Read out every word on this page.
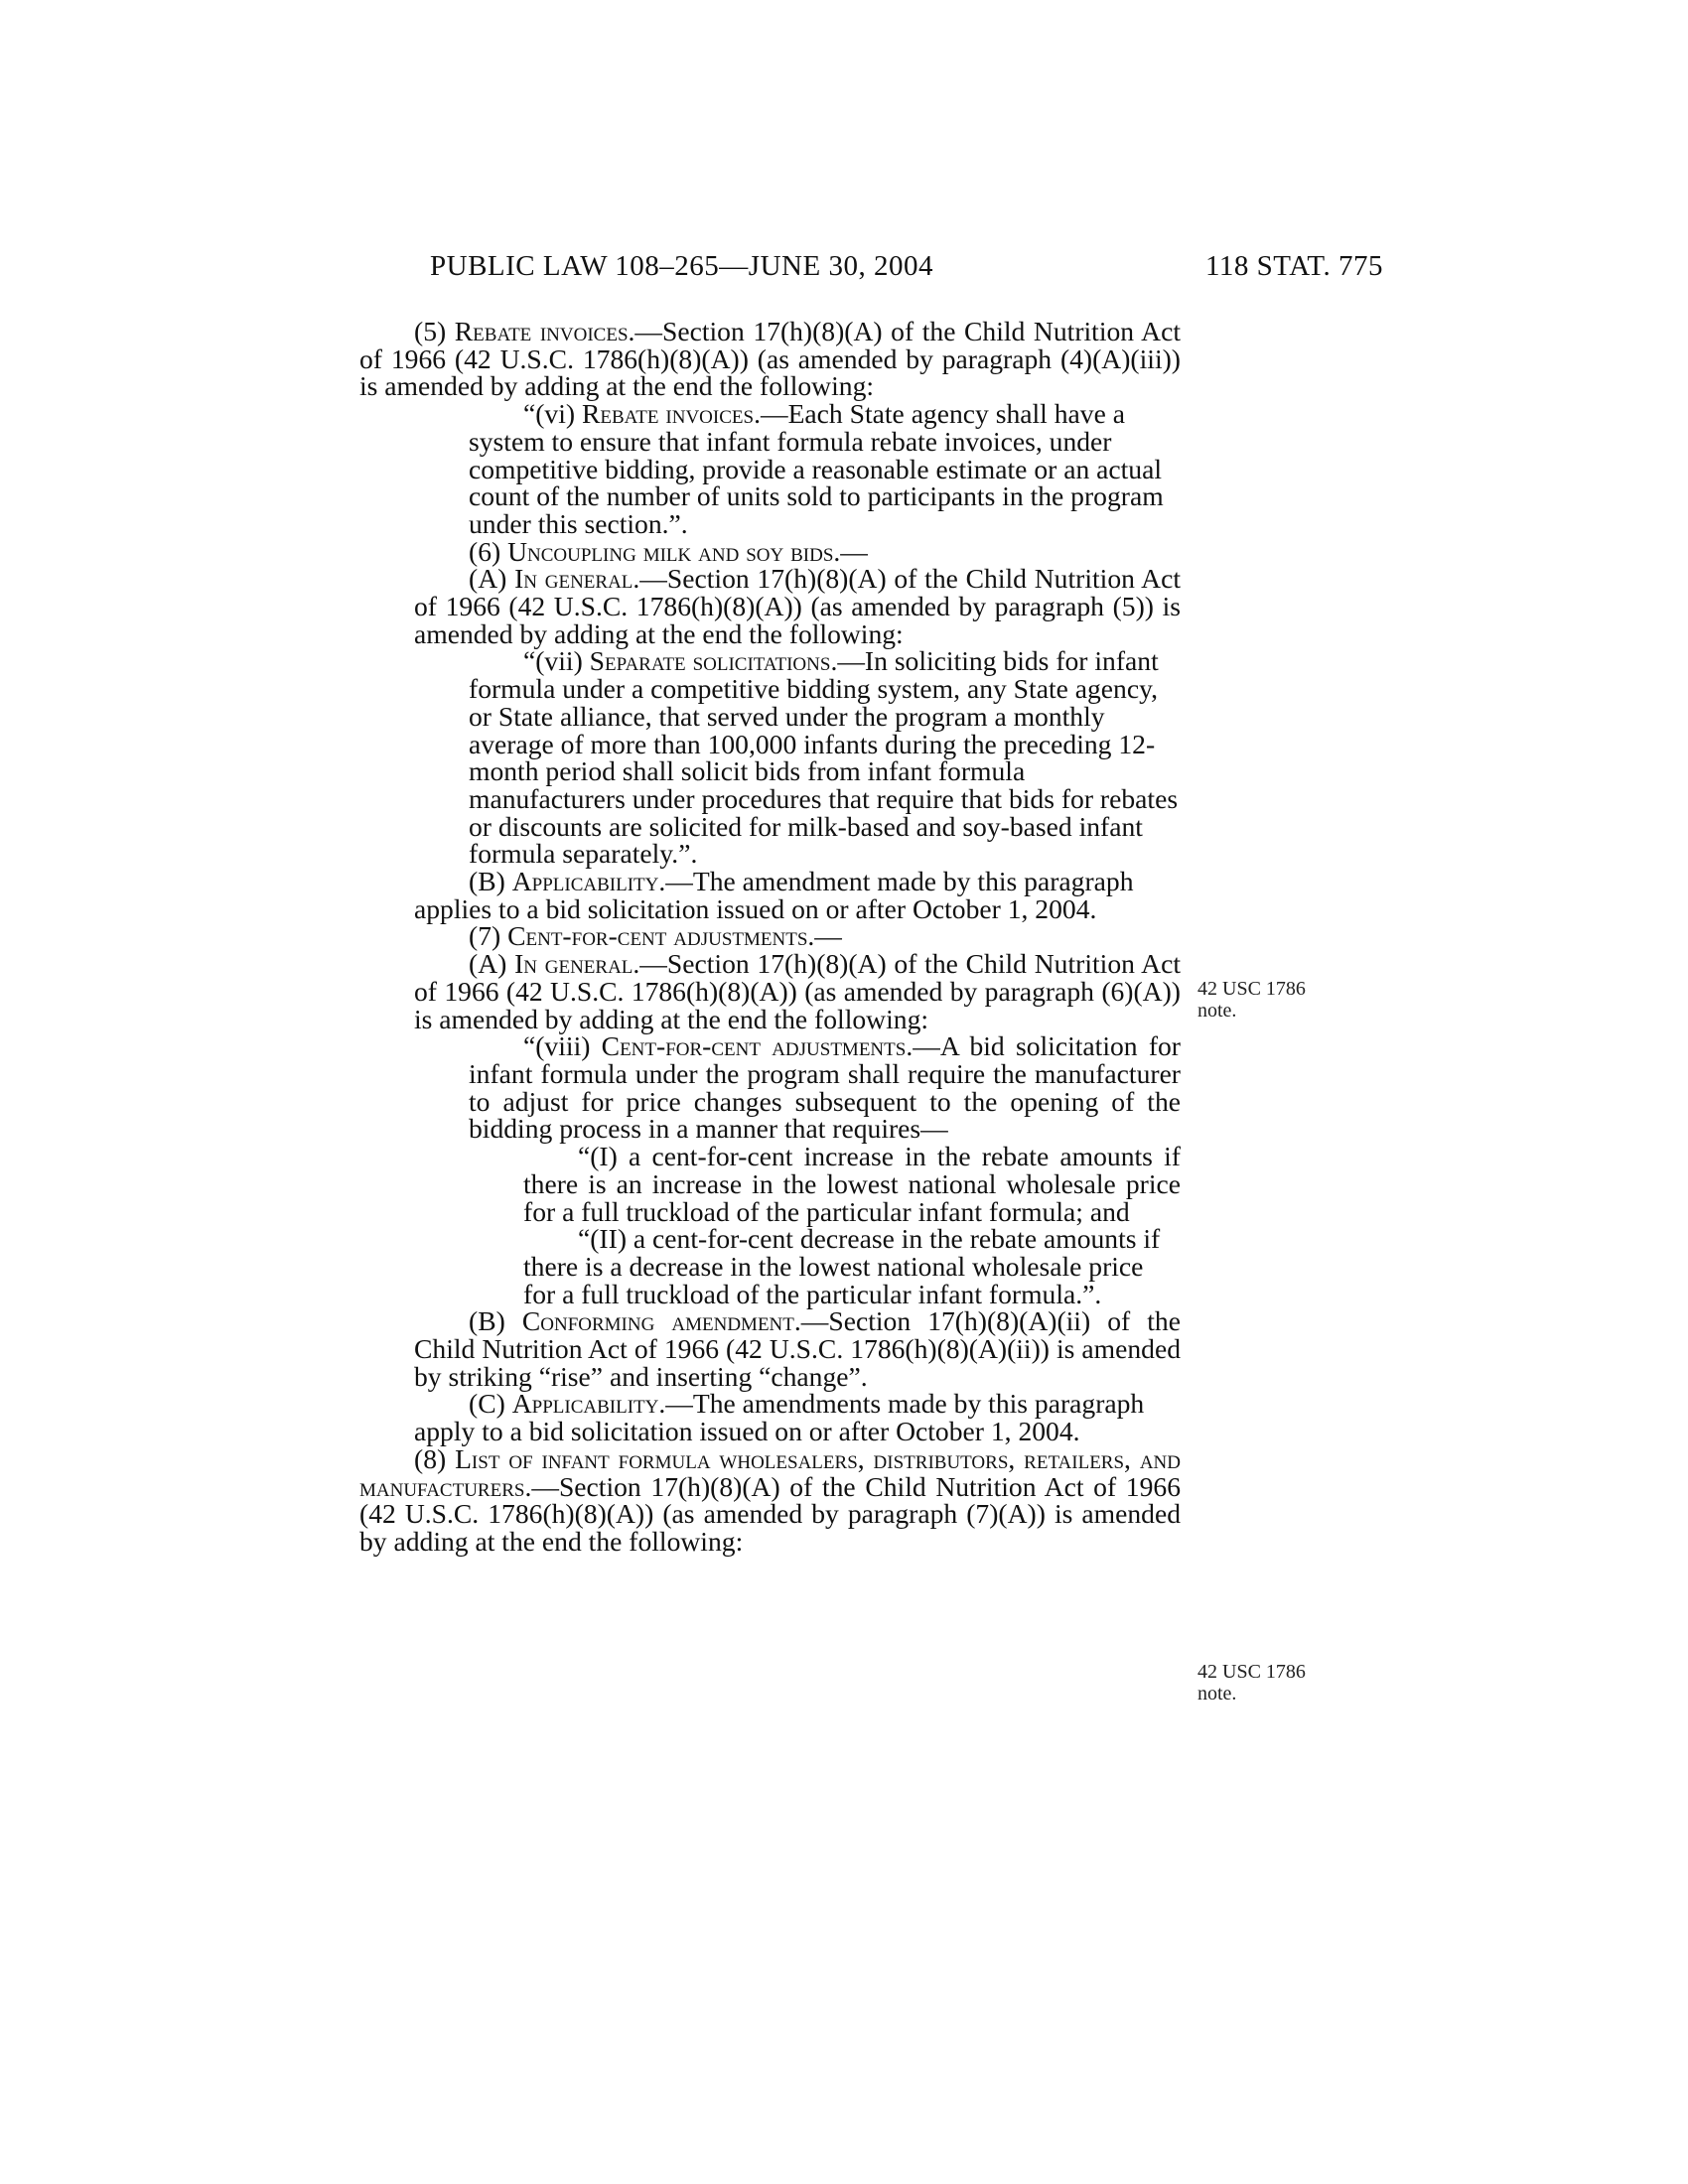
PUBLIC LAW 108–265—JUNE 30, 2004	118 STAT. 775

(5) Rebate invoices.—Section 17(h)(8)(A) of the Child Nutrition Act of 1966 (42 U.S.C. 1786(h)(8)(A)) (as amended by paragraph (4)(A)(iii)) is amended by adding at the end the following:

“(vi) Rebate invoices.—Each State agency shall have a system to ensure that infant formula rebate invoices, under competitive bidding, provide a reasonable estimate or an actual count of the number of units sold to participants in the program under this section.”.

(6) Uncoupling milk and soy bids.—

(A) In general.—Section 17(h)(8)(A) of the Child Nutrition Act of 1966 (42 U.S.C. 1786(h)(8)(A)) (as amended by paragraph (5)) is amended by adding at the end the following:

“(vii) Separate solicitations.—In soliciting bids for infant formula under a competitive bidding system, any State agency, or State alliance, that served under the program a monthly average of more than 100,000 infants during the preceding 12-month period shall solicit bids from infant formula manufacturers under procedures that require that bids for rebates or discounts are solicited for milk-based and soy-based infant formula separately.”.

(B) Applicability.—The amendment made by this paragraph applies to a bid solicitation issued on or after October 1, 2004.

(7) Cent-for-cent adjustments.—

(A) In general.—Section 17(h)(8)(A) of the Child Nutrition Act of 1966 (42 U.S.C. 1786(h)(8)(A)) (as amended by paragraph (6)(A)) is amended by adding at the end the following:

“(viii) Cent-for-cent adjustments.—A bid solicitation for infant formula under the program shall require the manufacturer to adjust for price changes subsequent to the opening of the bidding process in a manner that requires—

“(I) a cent-for-cent increase in the rebate amounts if there is an increase in the lowest national wholesale price for a full truckload of the particular infant formula; and

“(II) a cent-for-cent decrease in the rebate amounts if there is a decrease in the lowest national wholesale price for a full truckload of the particular infant formula.”.

(B) Conforming amendment.—Section 17(h)(8)(A)(ii) of the Child Nutrition Act of 1966 (42 U.S.C. 1786(h)(8)(A)(ii)) is amended by striking “rise” and inserting “change”.

(C) Applicability.—The amendments made by this paragraph apply to a bid solicitation issued on or after October 1, 2004.

(8) List of infant formula wholesalers, distributors, retailers, and manufacturers.—Section 17(h)(8)(A) of the Child Nutrition Act of 1966 (42 U.S.C. 1786(h)(8)(A)) (as amended by paragraph (7)(A)) is amended by adding at the end the following:

42 USC 1786
note.
42 USC 1786
note.
